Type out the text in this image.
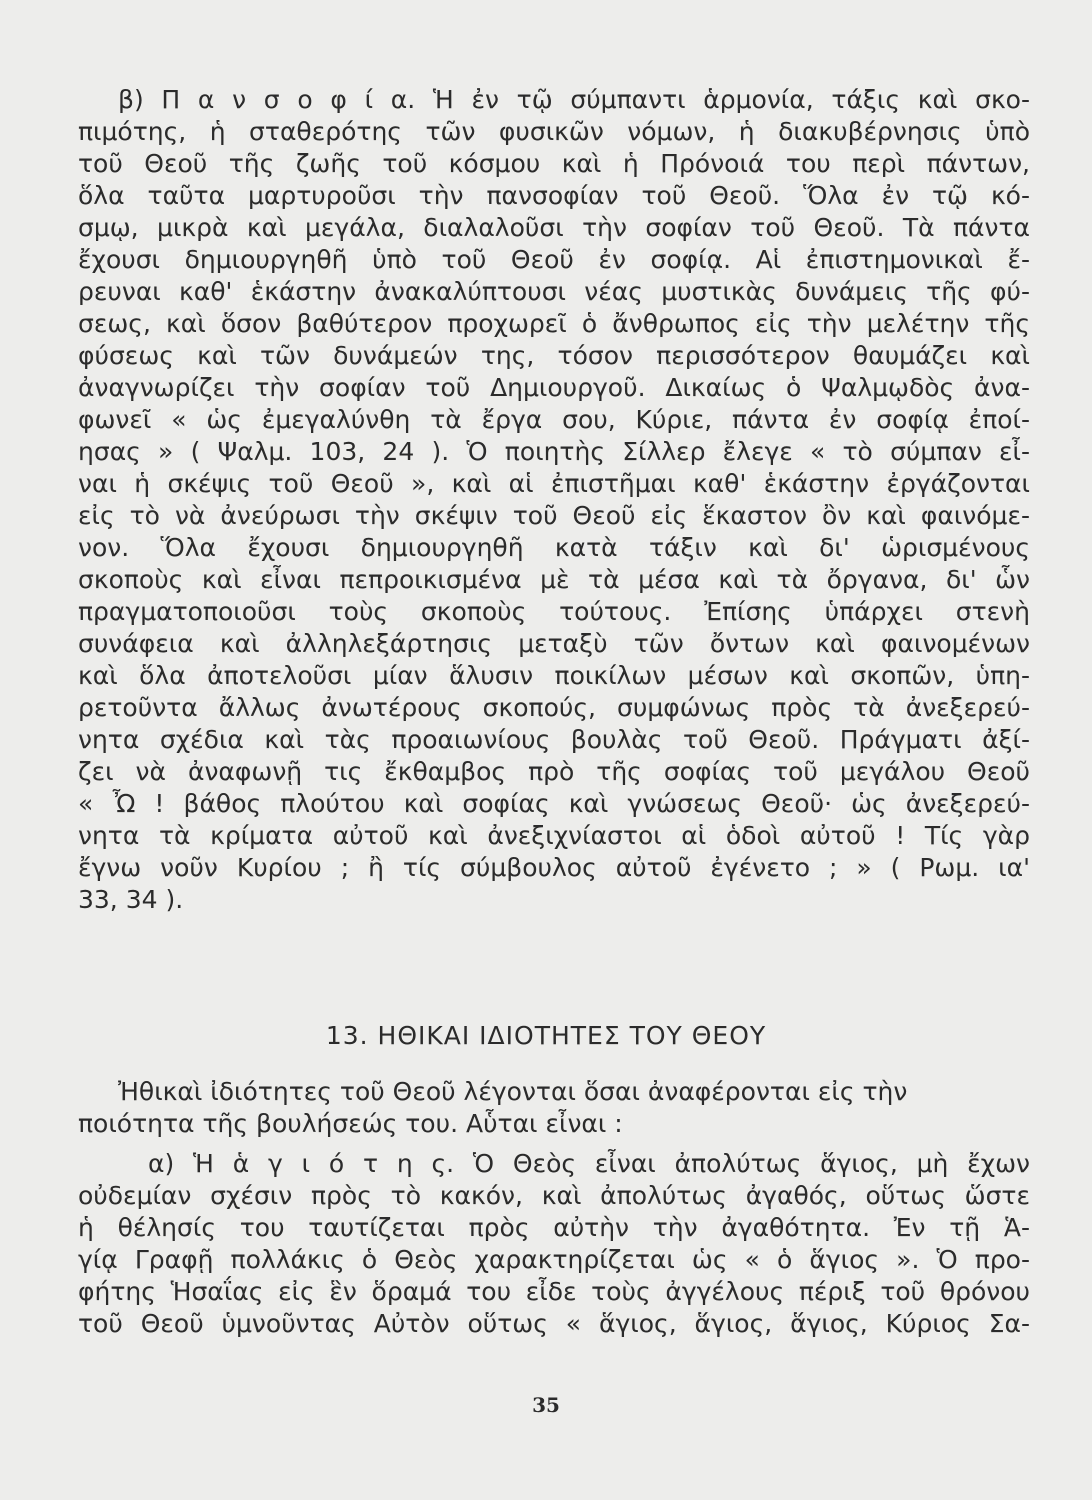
β) Π α ν σ ο φ ί α. Ἡ ἐν τῷ σύμπαντι ἁρμονία, τάξις καὶ σκο-
πιμότης, ἡ σταθερότης τῶν φυσικῶν νόμων, ἡ διακυβέρνησις ὑπὸ
τοῦ Θεοῦ τῆς ζωῆς τοῦ κόσμου καὶ ἡ Πρόνοιά του περὶ πάντων,
ὅλα ταῦτα μαρτυροῦσι τὴν πανσοφίαν τοῦ Θεοῦ. Ὅλα ἐν τῷ κό-
σμῳ, μικρὰ καὶ μεγάλα, διαλαλοῦσι τὴν σοφίαν τοῦ Θεοῦ. Τὰ πάντα
ἔχουσι δημιουργηθῆ ὑπὸ τοῦ Θεοῦ ἐν σοφίᾳ. Αἱ ἐπιστημονικαὶ ἔ-
ρευναι καθ' ἑκάστην ἀνακαλύπτουσι νέας μυστικὰς δυνάμεις τῆς φύ-
σεως, καὶ ὅσον βαθύτερον προχωρεῖ ὁ ἄνθρωπος εἰς τὴν μελέτην τῆς
φύσεως καὶ τῶν δυνάμεών της, τόσον περισσότερον θαυμάζει καὶ
ἀναγνωρίζει τὴν σοφίαν τοῦ Δημιουργοῦ. Δικαίως ὁ Ψαλμῳδὸς ἀνα-
φωνεῖ « ὡς ἐμεγαλύνθη τὰ ἔργα σου, Κύριε, πάντα ἐν σοφίᾳ ἐποί-
ησας » ( Ψαλμ. 103, 24 ). Ὁ ποιητὴς Σίλλερ ἔλεγε « τὸ σύμπαν εἶ-
ναι ἡ σκέψις τοῦ Θεοῦ », καὶ αἱ ἐπιστῆμαι καθ' ἑκάστην ἐργάζονται
εἰς τὸ νὰ ἀνεύρωσι τὴν σκέψιν τοῦ Θεοῦ εἰς ἕκαστον ὂν καὶ φαινόμε-
νον. Ὅλα ἔχουσι δημιουργηθῆ κατὰ τάξιν καὶ δι' ὡρισμένους
σκοποὺς καὶ εἶναι πεπροικισμένα μὲ τὰ μέσα καὶ τὰ ὄργανα, δι' ὧν
πραγματοποιοῦσι τοὺς σκοποὺς τούτους. Ἐπίσης ὑπάρχει στενὴ
συνάφεια καὶ ἀλληλεξάρτησις μεταξὺ τῶν ὄντων καὶ φαινομένων
καὶ ὅλα ἀποτελοῦσι μίαν ἅλυσιν ποικίλων μέσων καὶ σκοπῶν, ὑπη-
ρετοῦντα ἄλλως ἀνωτέρους σκοπούς, συμφώνως πρὸς τὰ ἀνεξερεύ-
νητα σχέδια καὶ τὰς προαιωνίους βουλὰς τοῦ Θεοῦ. Πράγματι ἀξί-
ζει νὰ ἀναφωνῇ τις ἔκθαμβος πρὸ τῆς σοφίας τοῦ μεγάλου Θεοῦ
« Ὦ ! βάθος πλούτου καὶ σοφίας καὶ γνώσεως Θεοῦ· ὡς ἀνεξερεύ-
νητα τὰ κρίματα αὐτοῦ καὶ ἀνεξιχνίαστοι αἱ ὁδοὶ αὐτοῦ ! Τίς γὰρ
ἔγνω νοῦν Κυρίου ; ἢ τίς σύμβουλος αὐτοῦ ἐγένετο ; » ( Ρωμ. ια'
33, 34 ).
13. ΗΘΙΚΑΙ ΙΔΙΟΤΗΤΕΣ ΤΟΥ ΘΕΟΥ
Ἠθικαὶ ἰδιότητες τοῦ Θεοῦ λέγονται ὅσαι ἀναφέρονται εἰς τὴν
ποιότητα τῆς βουλήσεώς του. Αὗται εἶναι :
α) Ἡ ἁ γ ι ό τ η ς. Ὁ Θεὸς εἶναι ἀπολύτως ἅγιος, μὴ ἔχων
οὐδεμίαν σχέσιν πρὸς τὸ κακόν, καὶ ἀπολύτως ἀγαθός, οὕτως ὥστε
ἡ θέλησίς του ταυτίζεται πρὸς αὐτὴν τὴν ἀγαθότητα. Ἐν τῇ Ἁ-
γίᾳ Γραφῇ πολλάκις ὁ Θεὸς χαρακτηρίζεται ὡς « ὁ ἅγιος ». Ὁ προ-
φήτης Ἡσαΐας εἰς ἓν ὅραμά του εἶδε τοὺς ἀγγέλους πέριξ τοῦ θρόνου
τοῦ Θεοῦ ὑμνοῦντας Αὐτὸν οὕτως « ἅγιος, ἅγιος, ἅγιος, Κύριος Σα-
35
